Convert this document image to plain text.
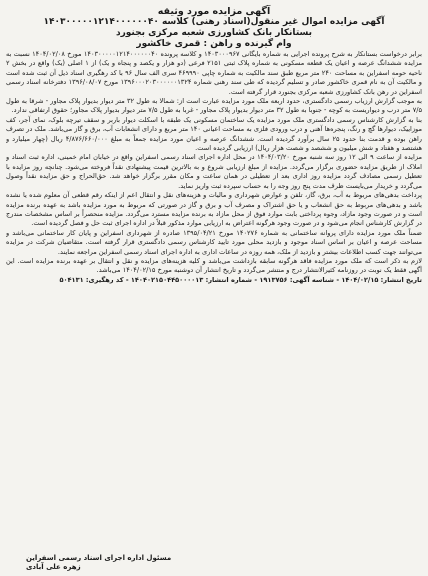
آگهی مزایده مورد وثیقه
آگهی مزایده اموال غیر منقول(اسناد رهنی) کلاسه ۱۴۰۳۰۰۰۰۰۱۲۱۴۰۰۰۰۰۰۴۰
بستانکار بانک کشاورزی شعبه مرکزی بجنورد
وام گیرنده و راهن : قمری خاکشور

برابر درخواست بستانکار به شرح پرونده اجرایی به شماره بایگانی ۱۴۰۳۰۰۰۹۶۷ و کلاسه پرونده ۱۴۰۳۰۰۰۰۰۱۲۱۴۰۰۰۰۰۰۴۰ مورخ ۱۴۰۴/۰۲/۰۸ نسبت به مزایده ششدانگ عرصه و اعیان یک قطعه مسکونی به شماره پلاک ثبتی ۲۱۵۱ فرعی (دو هزار و یکصد و پنجاه و یک) از ۱ اصلی (یک) واقع در بخش ۲ ناحیه حومه اسفراین به مساحت ۲۴۰ متر مربع طبق سند مالکیت به شماره چاپی ۴۶۹۹۹۰ سری الف سال ۹۶ با کد رهگیری اسناد ذیل آن ثبت شده است و مالکیت آن به نام قمری خاکشور صادر و تسلیم گردیده که طی سند رهنی شماره ۱۳۹۶۰۰۰۲۰۳۰۰۰۰۰۰۱۳۲۴ مورخ ۱۳۹۶/۰۸/۰۷ دفترخانه اسناد رسمی اسفراین در رهن بانک کشاورزی شعبه مرکزی بجنورد قرار گرفته است.

به موجب گزارش ارزیاب رسمی دادگستری، حدود اربعه ملک مورد مزایده عبارت است از: شمالا به طول ۳۲ متر دیوار بدیوار پلاک مجاور - شرقا به طول ۷/۵ متر درب و دیواریست به کوچه - جنوبا به طول ۳۲ متر دیوار بدیوار پلاک مجاور - غربا به طول ۷/۵ متر دیوار بدیوار پلاک مجاور؛ حقوق ارتفاقی ندارد.

بنا به گزارش کارشناس رسمی دادگستری ملک مورد مزایده یک ساختمان مسکونی یک طبقه با اسکلت دیوار باربر و سقف تیرچه بلوک، نمای آجر، کف موزاییک، دیوارها گچ و رنگ، پنجره‌ها آهنی و درب ورودی فلزی به مساحت اعیانی ۱۴۰ متر مربع و دارای انشعابات آب، برق و گاز می‌باشد. ملک در تصرف راهن بوده و قدمت بنا حدود ۲۵ سال برآورد گردیده است. ششدانگ عرصه و اعیان مورد مزایده جمعاً به مبلغ ۴/۸۷۶/۶۶۰/۰۰۰ ریال (چهار میلیارد و هشتصد و هفتاد و شش میلیون و ششصد و شصت هزار ریال) ارزیابی گردیده است.

مزایده از ساعت ۹ الی ۱۲ روز سه شنبه مورخ ۱۴۰۴/۰۳/۲۰ در محل اداره اجرای اسناد رسمی اسفراین واقع در خیابان امام خمینی، اداره ثبت اسناد و املاک از طریق مزایده حضوری برگزار می‌گردد. مزایده از مبلغ ارزیابی شروع و به بالاترین قیمت پیشنهادی نقداً فروخته می‌شود. چنانچه روز مزایده با تعطیل رسمی مصادف گردد مزایده روز اداری بعد از تعطیلی در همان ساعت و مکان مقرر برگزار خواهد شد. حق‌الحراج و حق مزایده نقداً وصول می‌گردد و خریدار می‌بایست ظرف مدت پنج روز وجه را به حساب سپرده ثبت واریز نماید.

پرداخت بدهی‌های مربوط به آب، برق، گاز، تلفن و عوارض شهرداری و مالیات و هزینه‌های نقل و انتقال اعم از اینکه رقم قطعی آن معلوم شده یا نشده باشد و بدهی‌های مربوط به حق انشعاب و یا حق اشتراک و مصرف آب و برق و گاز در صورتی که مربوط به مورد مزایده باشد به عهده برنده مزایده است و در صورت وجود مازاد، وجوه پرداختی بابت موارد فوق از محل مازاد به برنده مزایده مسترد می‌گردد. مزایده منحصراً بر اساس مشخصات مندرج در گزارش کارشناس انجام می‌شود و در صورت وجود هرگونه اعتراض به ارزیابی موارد مذکور قبلاً در اداره اجرای ثبت حل و فصل گردیده است.

ضمناً ملک مورد مزایده دارای پروانه ساختمانی به شماره ۱۴۰۲۷۶ مورخ ۱۳۹۵/۰۴/۲۱ صادره از شهرداری اسفراین و پایان کار ساختمانی می‌باشد و مساحت عرصه و اعیان بر اساس اسناد موجود و بازدید محلی مورد تایید کارشناس رسمی دادگستری قرار گرفته است. متقاضیان شرکت در مزایده می‌توانند جهت کسب اطلاعات بیشتر و بازدید از ملک، همه روزه در ساعات اداری به اداره اجرای اسناد رسمی اسفراین مراجعه نمایند.

لازم به ذکر است که ملک مورد مزایده فاقد هرگونه سابقه بازداشت می‌باشد و کلیه هزینه‌های مزایده و نقل و انتقال بر عهده برنده مزایده است. این آگهی فقط یک نوبت در روزنامه کثیرالانتشار درج و منتشر می‌گردد و تاریخ انتشار آن دوشنبه مورخ ۱۴۰۴/۰۲/۱۵ می‌باشد.

تاریخ انتشار: ۱۴۰۴/۰۲/۱۵ - شناسه آگهی: ۱۹۱۳۷۵۶ - شماره انتشار: ۱۴۰۴۰۲۱۵۰۴۴۵۰۰۰۰۱۳ - کد رهگیری: ۵۰۴۱۳۱

مسئول اداره اجرای اسناد رسمی اسفراین
زهره علی آبادی
